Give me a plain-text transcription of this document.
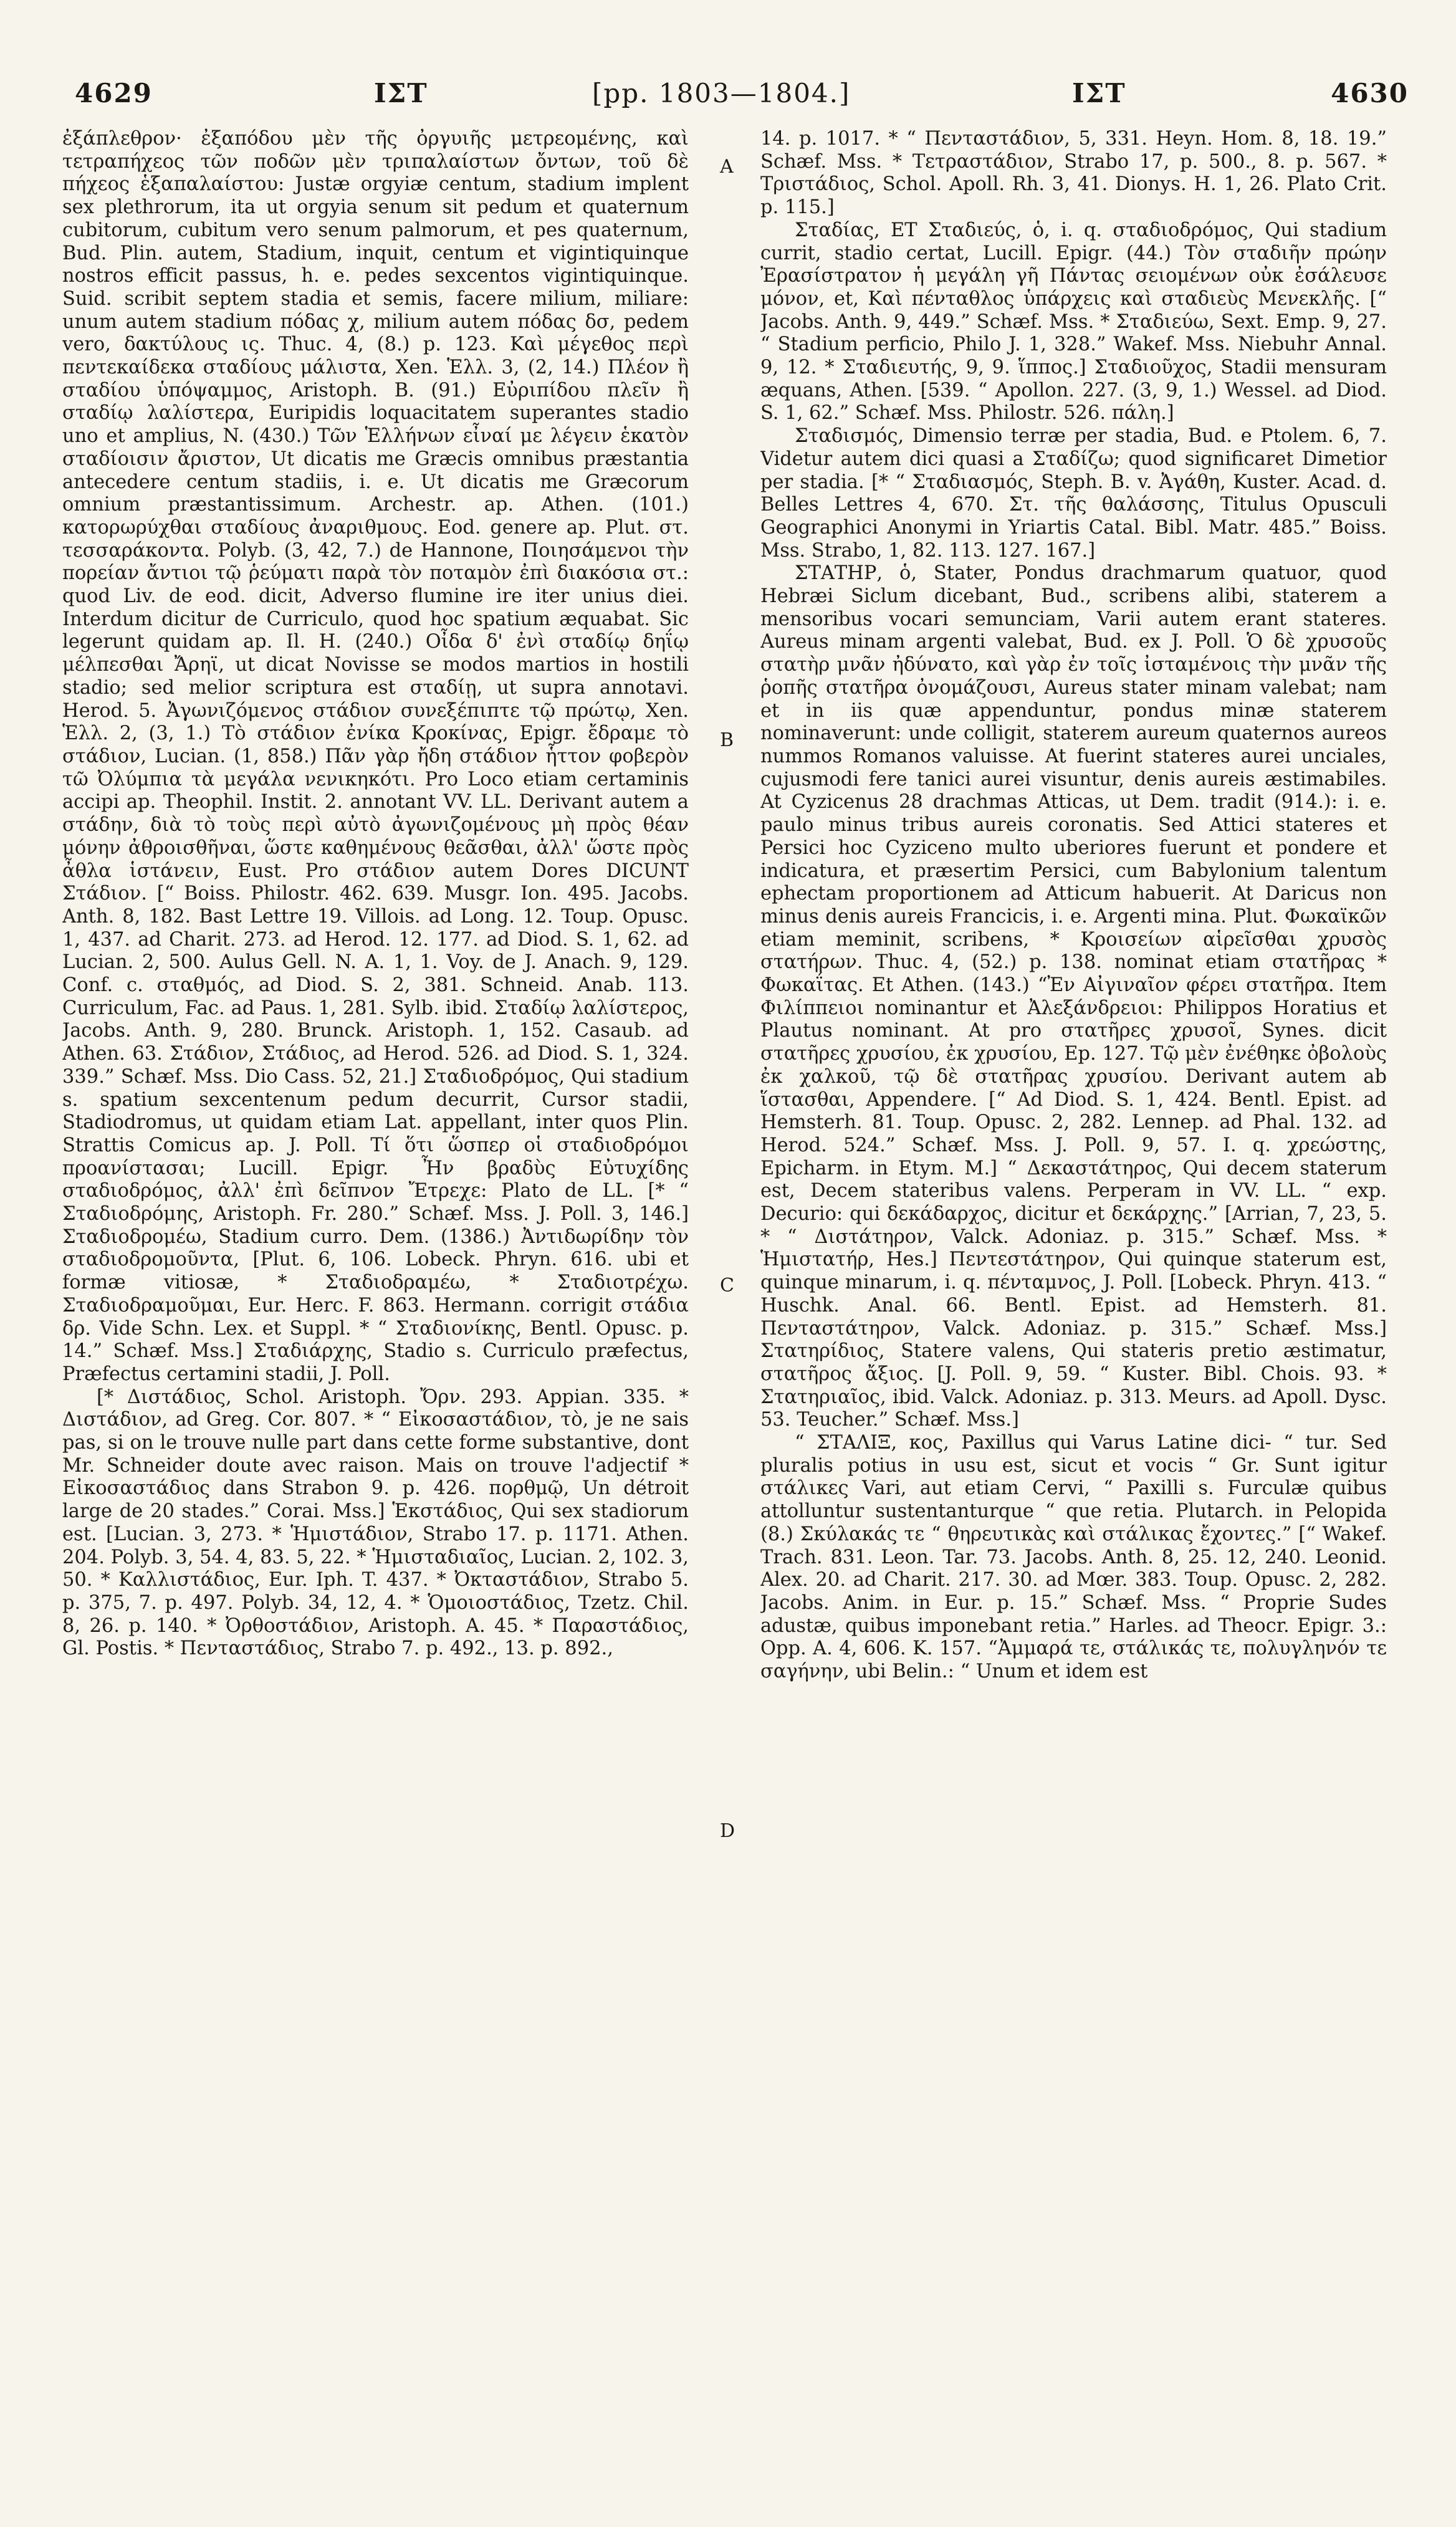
4629	ΙΣΤ	[pp. 1803—1804.]	ΙΣΤ	4630

ἐξάπλεθρον· ἐξαπόδου μὲν τῆς ὀργυιῆς μετρεομένης, καὶ τετραπήχεος τῶν ποδῶν μὲν τριπαλαίστων ὄντων, τοῦ δὲ πήχεος ἑξαπαλαίστου: Justæ orgyiæ centum, stadium implent sex plethrorum, ita ut orgyia senum sit pedum et quaternum cubitorum, cubitum vero senum palmorum, et pes quaternum, Bud. Plin. autem, Stadium, inquit, centum et vigintiquinque nostros efficit passus, h. e. pedes sexcentos vigintiquinque. Suid. scribit septem stadia et semis, facere milium, miliare: unum autem stadium πόδας χ, milium autem πόδας δσ, pedem vero, δακτύλους ις. Thuc. 4, (8.) p. 123. Καὶ μέγεθος περὶ πεντεκαίδεκα σταδίους μάλιστα, Xen. Ἑλλ. 3, (2, 14.) Πλέον ἢ σταδίου ὑπόψαμμος, Aristoph. B. (91.) Εὐριπίδου πλεῖν ἢ σταδίῳ λαλίστερα, Euripidis loquacitatem superantes stadio uno et amplius, N. (430.) Τῶν Ἑλλήνων εἶναί με λέγειν ἑκατὸν σταδίοισιν ἄριστον, Ut dicatis me Græcis omnibus præstantia antecedere centum stadiis, i. e. Ut dicatis me Græcorum omnium præstantissimum. Archestr. ap. Athen. (101.) κατορωρύχθαι σταδίους ἀναριθμους. Eod. genere ap. Plut. στ. τεσσαράκοντα. Polyb. (3, 42, 7.) de Hannone, Ποιησάμενοι τὴν πορείαν ἄντιοι τῷ ῥεύματι παρὰ τὸν ποταμὸν ἐπὶ διακόσια στ.: quod Liv. de eod. dicit, Adverso flumine ire iter unius diei. Interdum dicitur de Curriculo, quod hoc spatium æquabat. Sic legerunt quidam ap. Il. H. (240.) Οἶδα δ' ἐνὶ σταδίῳ δηΐῳ μέλπεσθαι Ἄρηϊ, ut dicat Novisse se modos martios in hostili stadio; sed melior scriptura est σταδίῃ, ut supra annotavi. Herod. 5. Ἀγωνιζόμενος στάδιον συνεξέπιπτε τῷ πρώτῳ, Xen. Ἑλλ. 2, (3, 1.) Τὸ στάδιον ἐνίκα Κροκίνας, Epigr. ἔδραμε τὸ στάδιον, Lucian. (1, 858.) Πᾶν γὰρ ἤδη στάδιον ἧττον φοβερὸν τῶ Ὀλύμπια τὰ μεγάλα νενικηκότι. Pro Loco etiam certaminis accipi ap. Theophil. Instit. 2. annotant VV. LL. Derivant autem a στάδην, διὰ τὸ τοὺς περὶ αὐτὸ ἀγωνιζομένους μὴ πρὸς θέαν μόνην ἀθροισθῆναι, ὥστε καθημένους θεᾶσθαι, ἀλλ' ὥστε πρὸς ἆθλα ἱστάνειν, Eust. Pro στάδιον autem Dores DICUNT Στάδιον. [“ Boiss. Philostr. 462. 639. Musgr. Ion. 495. Jacobs. Anth. 8, 182. Bast Lettre 19. Villois. ad Long. 12. Toup. Opusc. 1, 437. ad Charit. 273. ad Herod. 12. 177. ad Diod. S. 1, 62. ad Lucian. 2, 500. Aulus Gell. N. A. 1, 1. Voy. de J. Anach. 9, 129. Conf. c. σταθμός, ad Diod. S. 2, 381. Schneid. Anab. 113. Curriculum, Fac. ad Paus. 1, 281. Sylb. ibid. Σταδίῳ λαλίστερος, Jacobs. Anth. 9, 280. Brunck. Aristoph. 1, 152. Casaub. ad Athen. 63. Στάδιον, Στάδιος, ad Herod. 526. ad Diod. S. 1, 324. 339.” Schæf. Mss. Dio Cass. 52, 21.] Σταδιοδρόμος, Qui stadium s. spatium sexcentenum pedum decurrit, Cursor stadii, Stadiodromus, ut quidam etiam Lat. appellant, inter quos Plin. Strattis Comicus ap. J. Poll. Τί ὅτι ὥσπερ οἱ σταδιοδρόμοι προανίστασαι; Lucill. Epigr. Ἦν βραδὺς Εὐτυχίδης σταδιοδρόμος, ἀλλ' ἐπὶ δεῖπνον Ἔτρεχε: Plato de LL. [* “ Σταδιοδρόμης, Aristoph. Fr. 280.” Schæf. Mss. J. Poll. 3, 146.] Σταδιοδρομέω, Stadium curro. Dem. (1386.) Ἀντιδωρίδην τὸν σταδιοδρομοῦντα, [Plut. 6, 106. Lobeck. Phryn. 616. ubi et formæ vitiosæ, * Σταδιοδραμέω, * Σταδιοτρέχω. Σταδιοδραμοῦμαι, Eur. Herc. F. 863. Hermann. corrigit στάδια δρ. Vide Schn. Lex. et Suppl. * “ Σταδιονίκης, Bentl. Opusc. p. 14.” Schæf. Mss.] Σταδιάρχης, Stadio s. Curriculo præfectus, Præfectus certamini stadii, J. Poll.

[* Διστάδιος, Schol. Aristoph. Ὄρν. 293. Appian. 335. * Διστάδιον, ad Greg. Cor. 807. * “ Εἰκοσαστάδιον, τὸ, je ne sais pas, si on le trouve nulle part dans cette forme substantive, dont Mr. Schneider doute avec raison. Mais on trouve l'adjectif * Εἰκοσαστάδιος dans Strabon 9. p. 426. πορθμῷ, Un détroit large de 20 stades.” Corai. Mss.] Ἑκστάδιος, Qui sex stadiorum est. [Lucian. 3, 273. * Ἡμιστάδιον, Strabo 17. p. 1171. Athen. 204. Polyb. 3, 54. 4, 83. 5, 22. * Ἡμισταδιαῖος, Lucian. 2, 102. 3, 50. * Καλλιστάδιος, Eur. Iph. T. 437. * Ὀκταστάδιον, Strabo 5. p. 375, 7. p. 497. Polyb. 34, 12, 4. * Ὁμοιοστάδιος, Tzetz. Chil. 8, 26. p. 140. * Ὀρθοστάδιον, Aristoph. A. 45. * Παραστάδιος, Gl. Postis. * Πενταστάδιος, Strabo 7. p. 492., 13. p. 892.,

A
B
C
D

14. p. 1017. * “ Πενταστάδιον, 5, 331. Heyn. Hom. 8, 18. 19.” Schæf. Mss. * Τετραστάδιον, Strabo 17, p. 500., 8. p. 567. * Τριστάδιος, Schol. Apoll. Rh. 3, 41. Dionys. H. 1, 26. Plato Crit. p. 115.]

Σταδίας, ET Σταδιεύς, ὁ, i. q. σταδιοδρόμος, Qui stadium currit, stadio certat, Lucill. Epigr. (44.) Τὸν σταδιῆν πρώην Ἐρασίστρατον ἡ μεγάλη γῆ Πάντας σειομένων οὐκ ἐσάλευσε μόνον, et, Καὶ πένταθλος ὑπάρχεις καὶ σταδιεὺς Μενεκλῆς. [“ Jacobs. Anth. 9, 449.” Schæf. Mss. * Σταδιεύω, Sext. Emp. 9, 27. “ Stadium perficio, Philo J. 1, 328.” Wakef. Mss. Niebuhr Annal. 9, 12. * Σταδιευτής, 9, 9. ἵππος.] Σταδιοῦχος, Stadii mensuram æquans, Athen. [539. “ Apollon. 227. (3, 9, 1.) Wessel. ad Diod. S. 1, 62.” Schæf. Mss. Philostr. 526. πάλη.]

Σταδισμός, Dimensio terræ per stadia, Bud. e Ptolem. 6, 7. Videtur autem dici quasi a Σταδίζω; quod significaret Dimetior per stadia. [* “ Σταδιασμός, Steph. B. v. Ἀγάθη, Kuster. Acad. d. Belles Lettres 4, 670. Στ. τῆς θαλάσσης, Titulus Opusculi Geographici Anonymi in Yriartis Catal. Bibl. Matr. 485.” Boiss. Mss. Strabo, 1, 82. 113. 127. 167.]

ΣΤΑΤΗΡ, ὁ, Stater, Pondus drachmarum quatuor, quod Hebræi Siclum dicebant, Bud., scribens alibi, staterem a mensoribus vocari semunciam, Varii autem erant stateres. Aureus minam argenti valebat, Bud. ex J. Poll. Ὁ δὲ χρυσοῦς στατὴρ μνᾶν ἠδύνατο, καὶ γὰρ ἐν τοῖς ἰσταμένοις τὴν μνᾶν τῆς ῥοπῆς στατῆρα ὀνομάζουσι, Aureus stater minam valebat; nam et in iis quæ appenduntur, pondus minæ staterem nominaverunt: unde colligit, staterem aureum quaternos aureos nummos Romanos valuisse. At fuerint stateres aurei unciales, cujusmodi fere tanici aurei visuntur, denis aureis æstimabiles. At Cyzicenus 28 drachmas Atticas, ut Dem. tradit (914.): i. e. paulo minus tribus aureis coronatis. Sed Attici stateres et Persici hoc Cyziceno multo uberiores fuerunt et pondere et indicatura, et præsertim Persici, cum Babylonium talentum ephectam proportionem ad Atticum habuerit. At Daricus non minus denis aureis Francicis, i. e. Argenti mina. Plut. Φωκαϊκῶν etiam meminit, scribens, * Κροισείων αἱρεῖσθαι χρυσὸς στατήρων. Thuc. 4, (52.) p. 138. nominat etiam στατῆρας * Φωκαΐτας. Et Athen. (143.) “Ἐν Αἰγιναῖον φέρει στατῆρα. Item Φιλίππειοι nominantur et Ἀλεξάνδρειοι: Philippos Horatius et Plautus nominant. At pro στατῆρες χρυσοῖ, Synes. dicit στατῆρες χρυσίου, ἐκ χρυσίου, Ep. 127. Τῷ μὲν ἐνέθηκε ὀβολοὺς ἐκ χαλκοῦ, τῷ δὲ στατῆρας χρυσίου. Derivant autem ab ἵστασθαι, Appendere. [“ Ad Diod. S. 1, 424. Bentl. Epist. ad Hemsterh. 81. Toup. Opusc. 2, 282. Lennep. ad Phal. 132. ad Herod. 524.” Schæf. Mss. J. Poll. 9, 57. I. q. χρεώστης, Epicharm. in Etym. M.] “ Δεκαστάτηρος, Qui decem staterum est, Decem stateribus valens. Perperam in VV. LL. “ exp. Decurio: qui δεκάδαρχος, dicitur et δεκάρχης.” [Arrian, 7, 23, 5. * “ Διστάτηρον, Valck. Adoniaz. p. 315.” Schæf. Mss. * Ἡμιστατήρ, Hes.] Πεντεστάτηρον, Qui quinque staterum est, quinque minarum, i. q. πένταμνος, J. Poll. [Lobeck. Phryn. 413. “ Huschk. Anal. 66. Bentl. Epist. ad Hemsterh. 81. Πενταστάτηρον, Valck. Adoniaz. p. 315.” Schæf. Mss.] Στατηρίδιος, Statere valens, Qui stateris pretio æstimatur, στατῆρος ἄξιος. [J. Poll. 9, 59. “ Kuster. Bibl. Chois. 93. * Στατηριαῖος, ibid. Valck. Adoniaz. p. 313. Meurs. ad Apoll. Dysc. 53. Teucher.” Schæf. Mss.]

“ ΣΤΑΛΙΞ, κος, Paxillus qui Varus Latine dici- “ tur. Sed pluralis potius in usu est, sicut et vocis “ Gr. Sunt igitur στάλικες Vari, aut etiam Cervi, “ Paxilli s. Furculæ quibus attolluntur sustentanturque “ que retia. Plutarch. in Pelopida (8.) Σκύλακάς τε “ θηρευτικὰς καὶ στάλικας ἔχοντες.” [“ Wakef. Trach. 831. Leon. Tar. 73. Jacobs. Anth. 8, 25. 12, 240. Leonid. Alex. 20. ad Charit. 217. 30. ad Mœr. 383. Toup. Opusc. 2, 282. Jacobs. Anim. in Eur. p. 15.” Schæf. Mss. “ Proprie Sudes adustæ, quibus imponebant retia.” Harles. ad Theocr. Epigr. 3.: Opp. A. 4, 606. K. 157. “Ἀμμαρά τε, στάλικάς τε, πολυγληνόν τε σαγήνην, ubi Belin.: “ Unum et idem est
